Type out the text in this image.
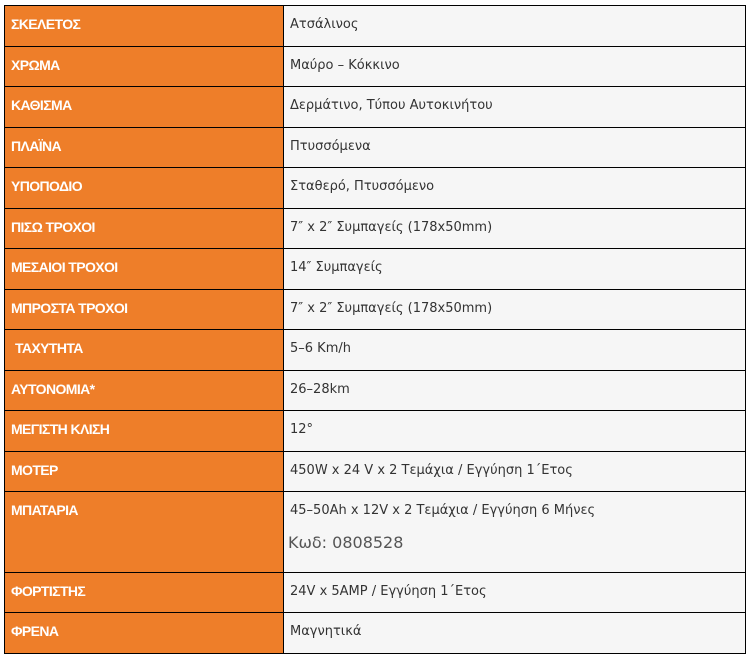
ΣΚΕΛΕΤΟΣ	Ατσάλινος

ΧΡΩΜΑ	Μαύρο – Κόκκινο

ΚΑΘΙΣΜΑ	Δερμάτινο, Τύπου Αυτοκινήτου

ΠΛΑΪΝΑ	Πτυσσόμενα

ΥΠΟΠΟΔΙΟ	Σταθερό, Πτυσσόμενο

ΠΙΣΩ ΤΡΟΧΟΙ	7″ x 2″ Συμπαγείς (178x50mm)

ΜΕΣΑΙΟΙ ΤΡΟΧΟΙ	14″ Συμπαγείς

ΜΠΡΟΣΤΑ ΤΡΟΧΟΙ	7″ x 2″ Συμπαγείς (178x50mm)

ΤΑΧΥΤΗΤΑ	5–6 Km/h

ΑΥΤΟΝΟΜΙΑ*	26–28km

ΜΕΓΙΣΤΗ ΚΛΙΣΗ	12°

ΜΟΤΕΡ	450W x 24 V x 2 Τεμάχια / Εγγύηση 1΄Ετος

ΜΠΑΤΑΡΙΑ	45–50Ah x 12V x 2 Τεμάχια / Εγγύηση 6 Μήνες
Κωδ: 0808528

ΦΟΡΤΙΣΤΗΣ	24V x 5AMP / Εγγύηση 1΄Ετος

ΦΡΕΝΑ	Μαγνητικά
